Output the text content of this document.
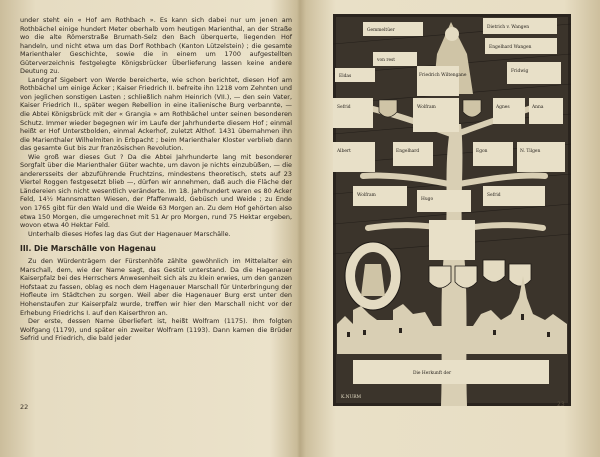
under steht ein « Hof am Rothbach ». Es kann sich dabei nur um jenen am Rothbächel einige hundert Meter oberhalb vom heutigen Marienthal, an der Straße wo die alte Römerstraße Brumath-Selz den Bach überquerte, liegenden Hof handeln, und nicht etwa um das Dorf Rothbach (Kanton Lützelstein) ; die gesamte Marienthaler Geschichte, sowie die in einem um 1700 aufgestellten Güterverzeichnis festgelegte Königsbrücker Überlieferung lassen keine andere Deutung zu.

Landgraf Sigebert von Werde bereicherte, wie schon berichtet, diesen Hof am Rothbächel um einige Äcker ; Kaiser Friedrich II. befreite ihn 1218 vom Zehnten und von jeglichen sonstigen Lasten ; schließlich nahm Heinrich (VII.), — den sein Vater, Kaiser Friedrich II., später wegen Rebellion in eine italienische Burg verbannte, — die Abtei Königsbrück mit der « Grangia » am Rothbächel unter seinen besonderen Schutz. Immer wieder begegnen wir im Laufe der Jahrhunderte diesem Hof ; einmal heißt er Hof Unterstbolden, einmal Ackerhof, zuletzt Althof. 1431 übernahmen ihn die Marienthaler Wilhelmiten in Erbpacht ; beim Marienthaler Kloster verblieb dann das gesamte Gut bis zur französischen Revolution.

Wie groß war dieses Gut ? Da die Abtei Jahrhunderte lang mit besonderer Sorgfalt über die Marienthaler Güter wachte, um davon je nichts einzubüßen, — die anderersseits der abzuführende Fruchtzins, mindestens theoretisch, stets auf 23 Viertel Roggen festgesetzt blieb —, dürfen wir annehmen, daß auch die Fläche der Ländereien sich nicht wesentlich veränderte. Im 18. Jahrhundert waren es 80 Acker Feld, 14½ Mannsmatten Wiesen, der Pfaffenwald, Gebüsch und Weide ; zu Ende von 1765 gibt für den Wald und die Weide 63 Morgen an. Zu dem Hof gehörten also etwa 150 Morgen, die umgerechnet mit 51 Ar pro Morgen, rund 75 Hektar ergeben, wovon etwa 40 Hektar Feld.

Unterhalb dieses Hofes lag das Gut der Hagenauer Marschälle.

III. Die Marschälle von Hagenau

Zu den Würdenträgern der Fürstenhöfe zählte gewöhnlich im Mittelalter ein Marschall, dem, wie der Name sagt, das Gestüt unterstand. Da die Hagenauer Kaiserpfalz bei des Herrschers Anwesenheit sich als zu klein erwies, um den ganzen Hofstaat zu fassen, oblag es noch dem Hagenauer Marschall für Unterbringung der Hofleute im Städtchen zu sorgen. Weil aber die Hagenauer Burg erst unter den Hohenstaufen zur Kaiserpfalz wurde, treffen wir hier den Marschall nicht vor der Erhebung Friedrichs I. auf den Kaiserthron an.

Der erste, dessen Name überliefert ist, heißt Wolfram (1175). Ihm folgten Wolfgang (1179), und später ein zweiter Wolfram (1193). Dann kamen die Brüder Sefrid und Friedrich, die bald jeder

22
Gemmeltüer
Dietrich v. Wangen
Eldas
von rest
Friedrich Wiltengane
Engelhard Wangen
Fridwig
Sefrid	Wolfram	Agnes	Anna
Albert	Engelhard	Egon	N. Tilgen
Wolfram
Hugo
Sefrid
Die Herkunft der
K.NURM
23
